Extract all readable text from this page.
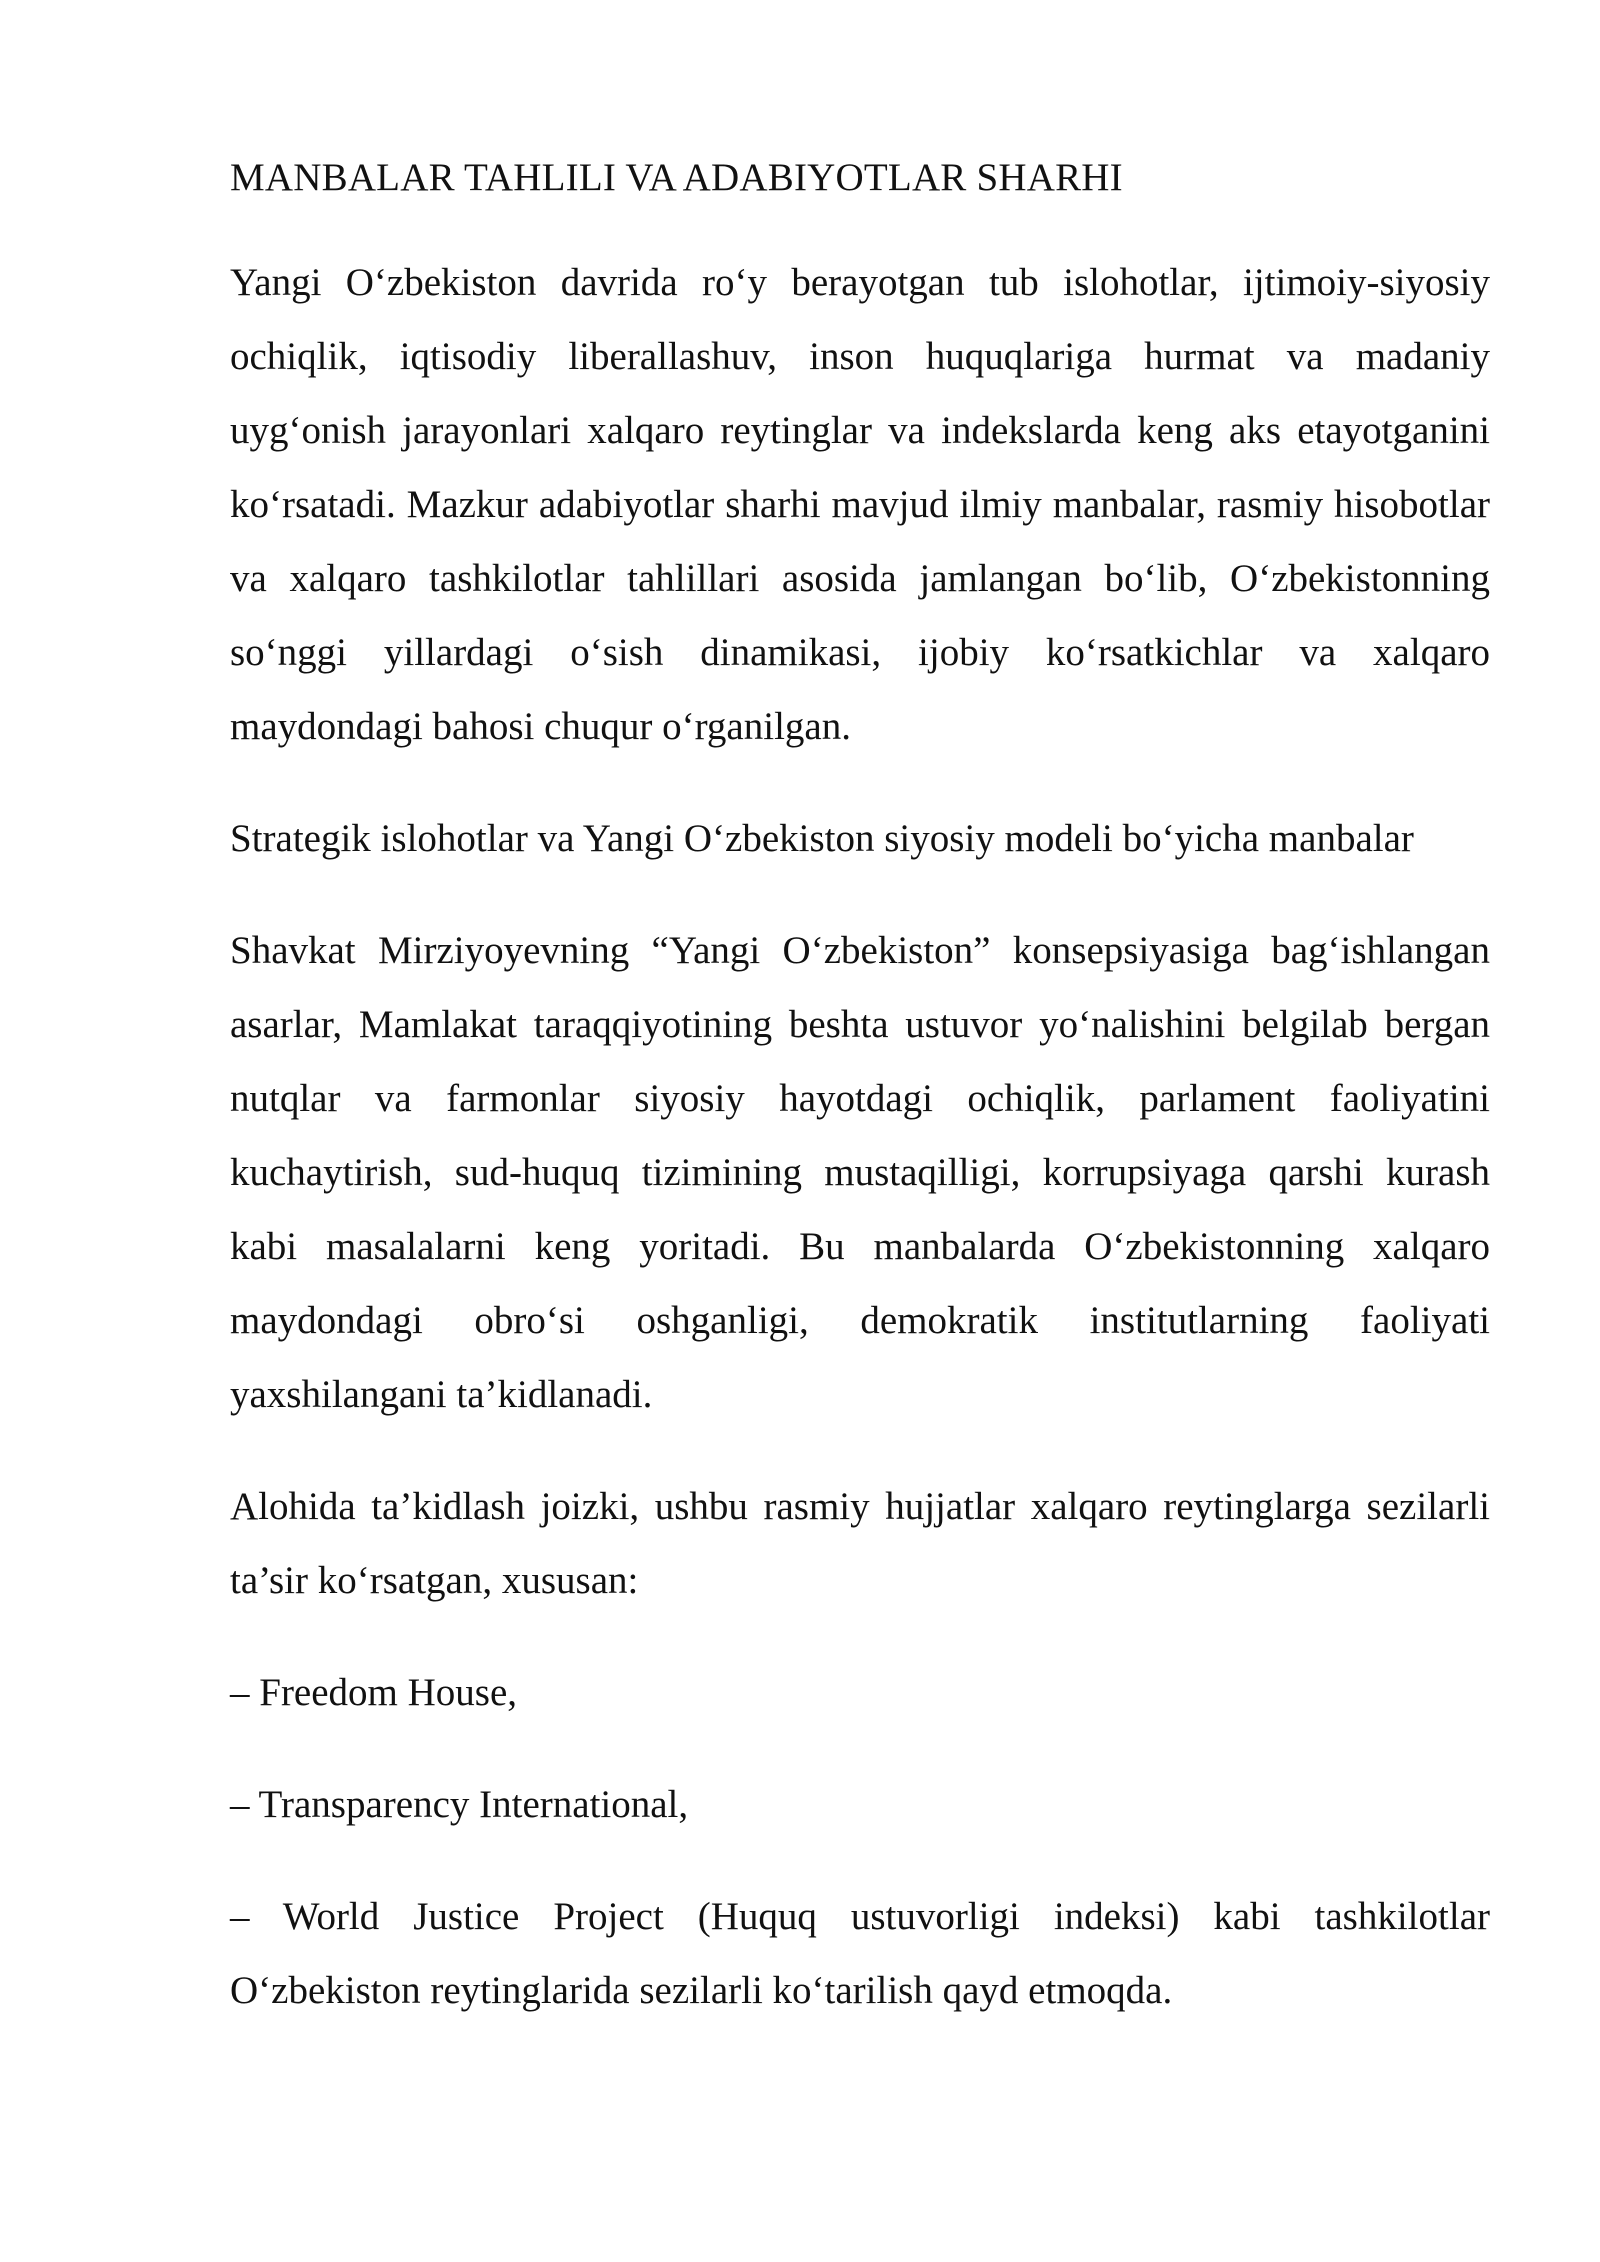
MANBALAR TAHLILI VA ADABIYOTLAR SHARHI
Yangi O‘zbekiston davrida ro‘y berayotgan tub islohotlar, ijtimoiy-siyosiy ochiqlik, iqtisodiy liberallashuv, inson huquqlariga hurmat va madaniy uyg‘onish jarayonlari xalqaro reytinglar va indekslarda keng aks etayotganini ko‘rsatadi. Mazkur adabiyotlar sharhi mavjud ilmiy manbalar, rasmiy hisobotlar va xalqaro tashkilotlar tahlillari asosida jamlangan bo‘lib, O‘zbekistonning so‘nggi yillardagi o‘sish dinamikasi, ijobiy ko‘rsatkichlar va xalqaro maydondagi bahosi chuqur o‘rganilgan.
Strategik islohotlar va Yangi O‘zbekiston siyosiy modeli bo‘yicha manbalar
Shavkat Mirziyoyevning “Yangi O‘zbekiston” konsepsiyasiga bag‘ishlangan asarlar, Mamlakat taraqqiyotining beshta ustuvor yo‘nalishini belgilab bergan nutqlar va farmonlar siyosiy hayotdagi ochiqlik, parlament faoliyatini kuchaytirish, sud-huquq tizimining mustaqilligi, korrupsiyaga qarshi kurash kabi masalalarni keng yoritadi. Bu manbalarda O‘zbekistonning xalqaro maydondagi obro‘si oshganligi, demokratik institutlarning faoliyati yaxshilangani ta’kidlanadi.
Alohida ta’kidlash joizki, ushbu rasmiy hujjatlar xalqaro reytinglarga sezilarli ta’sir ko‘rsatgan, xususan:
– Freedom House,
– Transparency International,
– World Justice Project (Huquq ustuvorligi indeksi) kabi tashkilotlar O‘zbekiston reytinglarida sezilarli ko‘tarilish qayd etmoqda.
